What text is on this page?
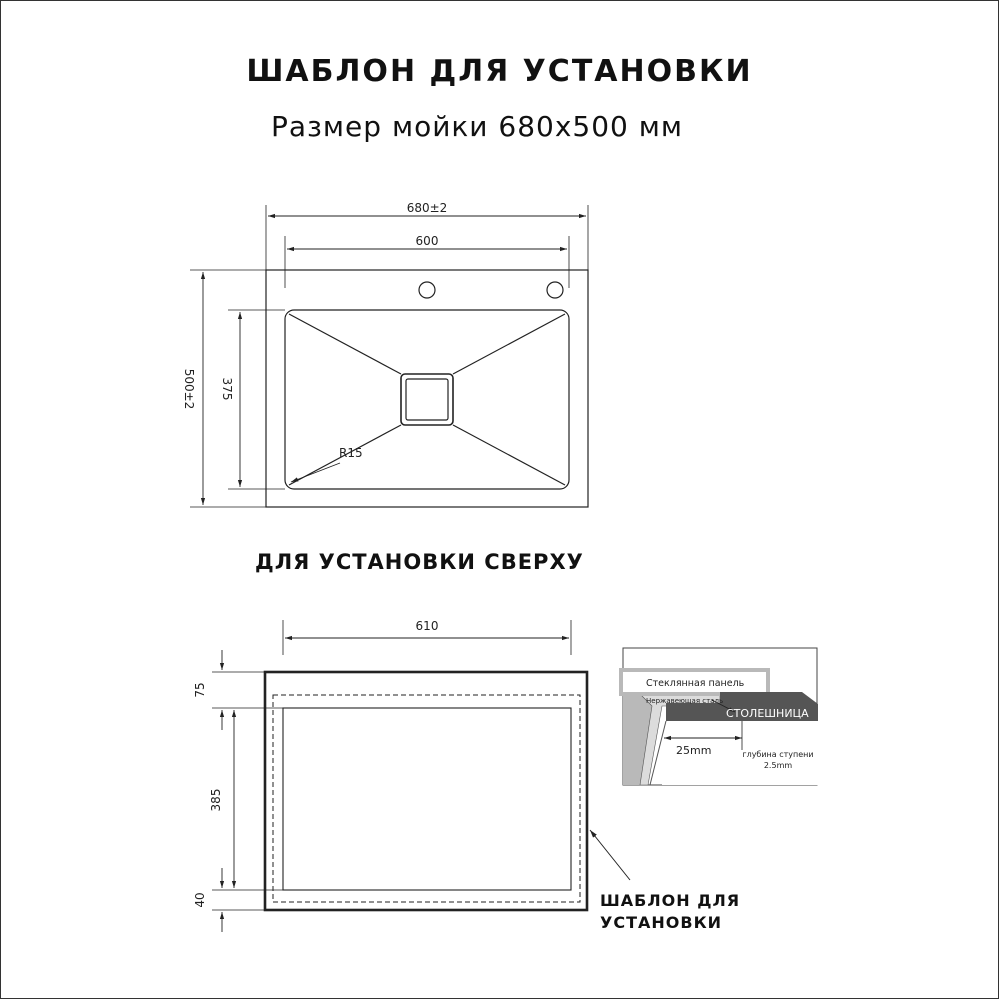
ШАБЛОН ДЛЯ УСТАНОВКИ
Размер мойки 680x500 мм
680±2
600
500±2 375
R15
610
75
385
40
Стеклянная панель
Нержавеющая сталь
СТОЛЕШНИЦА
25mm	глубина ступени
2.5mm
ДЛЯ УСТАНОВКИ СВЕРХУ
ШАБЛОН ДЛЯ
УСТАНОВКИ
